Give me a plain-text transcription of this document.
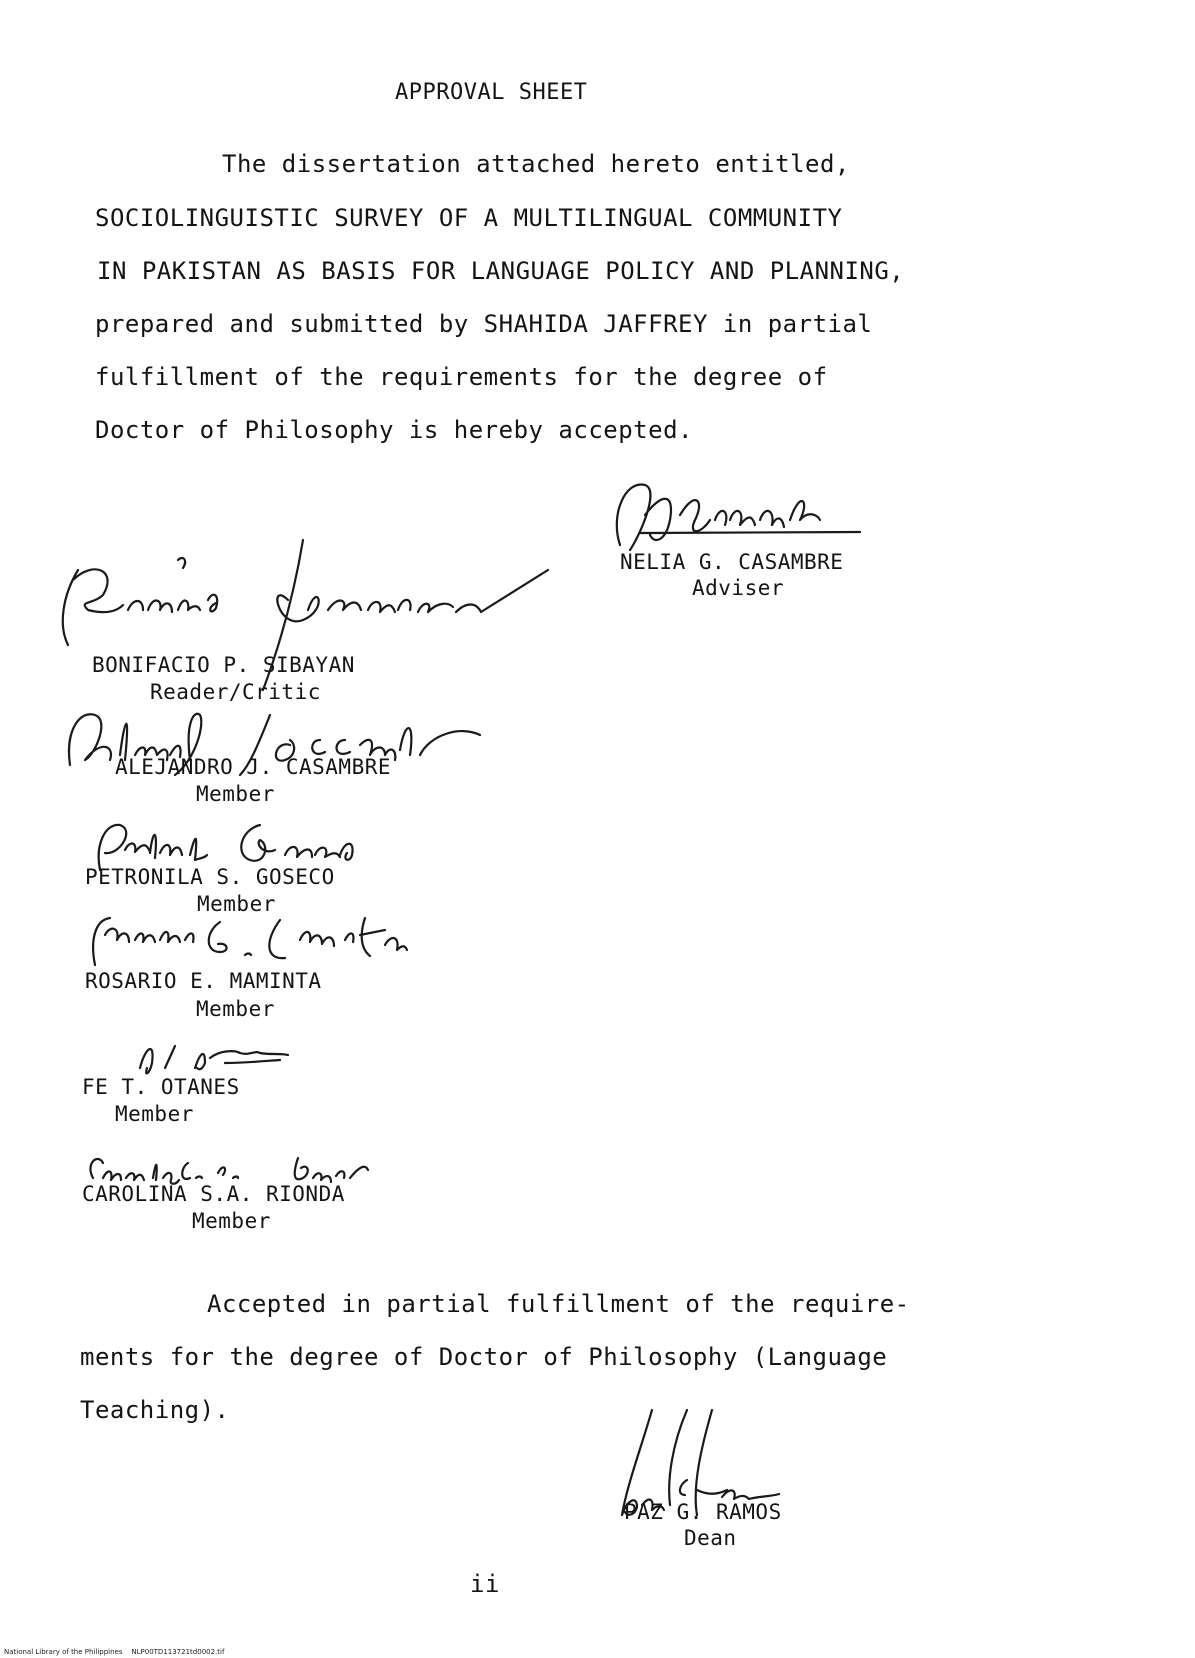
APPROVAL SHEET
The dissertation attached hereto entitled,
SOCIOLINGUISTIC SURVEY OF A MULTILINGUAL COMMUNITY
IN PAKISTAN AS BASIS FOR LANGUAGE POLICY AND PLANNING,
prepared and submitted by SHAHIDA JAFFREY in partial
fulfillment of the requirements for the degree of
Doctor of Philosophy is hereby accepted.
NELIA G. CASAMBRE
Adviser
BONIFACIO P. SIBAYAN
Reader/Critic
ALEJANDRO J. CASAMBRE
Member
PETRONILA S. GOSECO
Member
ROSARIO E. MAMINTA
Member
FE T. OTANES
Member
CAROLINA S.A. RIONDA
Member
Accepted in partial fulfillment of the require-
ments for the degree of Doctor of Philosophy (Language
Teaching).
PAZ G. RAMOS
Dean
ii
National Library of the Philippines    NLP00TD113721td0002.tif
